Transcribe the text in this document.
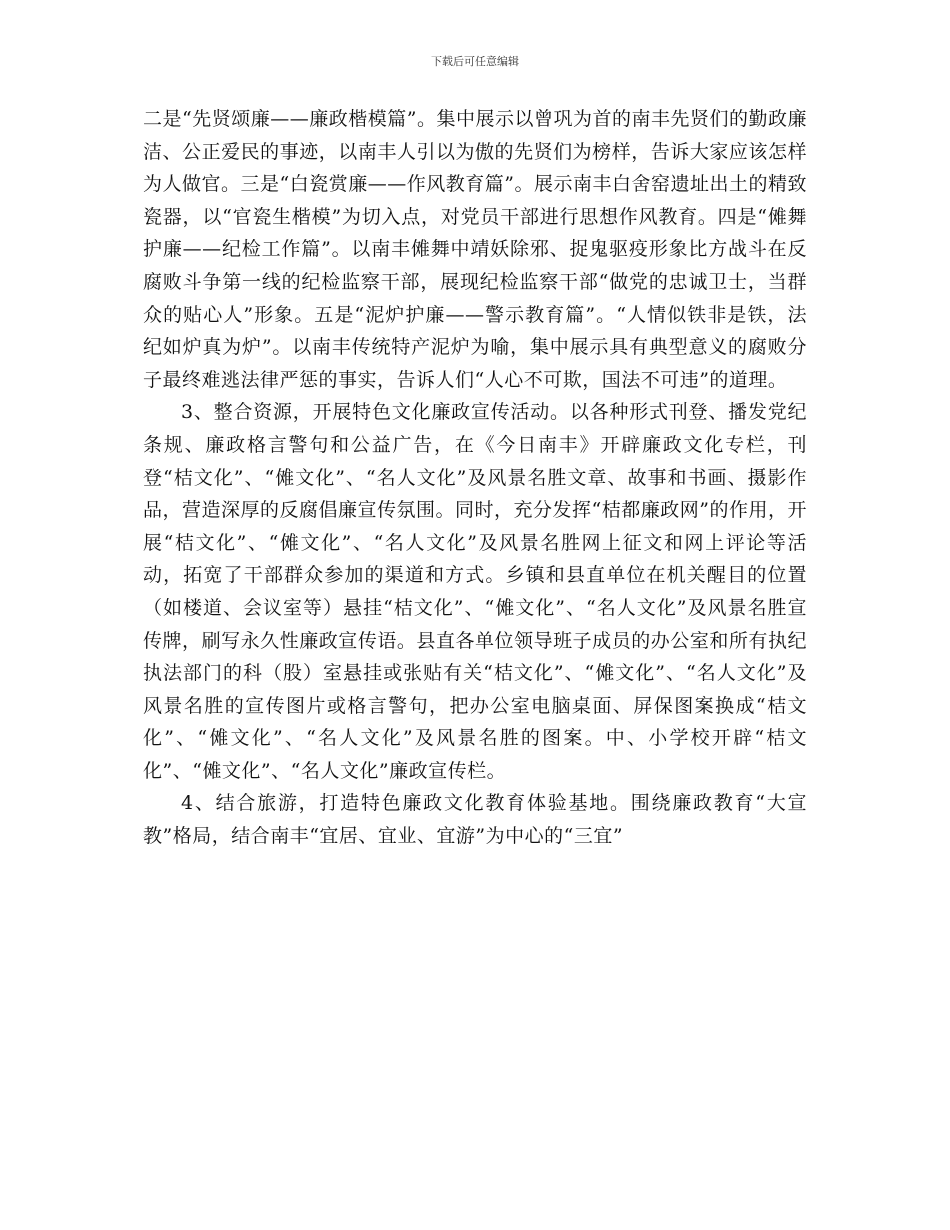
下载后可任意编辑

二是“先贤颂廉——廉政楷模篇”。集中展示以曾巩为首的南丰先贤们的勤政廉洁、公正爱民的事迹，以南丰人引以为傲的先贤们为榜样，告诉大家应该怎样为人做官。三是“白瓷赏廉——作风教育篇”。展示南丰白舍窑遗址出土的精致瓷器，以“官瓷生楷模”为切入点，对党员干部进行思想作风教育。四是“傩舞护廉——纪检工作篇”。以南丰傩舞中靖妖除邪、捉鬼驱疫形象比方战斗在反腐败斗争第一线的纪检监察干部，展现纪检监察干部“做党的忠诚卫士，当群众的贴心人”形象。五是“泥炉护廉——警示教育篇”。“人情似铁非是铁，法纪如炉真为炉”。以南丰传统特产泥炉为喻，集中展示具有典型意义的腐败分子最终难逃法律严惩的事实，告诉人们“人心不可欺，国法不可违”的道理。

3、整合资源，开展特色文化廉政宣传活动。以各种形式刊登、播发党纪条规、廉政格言警句和公益广告，在《今日南丰》开辟廉政文化专栏，刊登“桔文化”、“傩文化”、“名人文化”及风景名胜文章、故事和书画、摄影作品，营造深厚的反腐倡廉宣传氛围。同时，充分发挥“桔都廉政网”的作用，开展“桔文化”、“傩文化”、“名人文化”及风景名胜网上征文和网上评论等活动，拓宽了干部群众参加的渠道和方式。乡镇和县直单位在机关醒目的位置（如楼道、会议室等）悬挂“桔文化”、“傩文化”、“名人文化”及风景名胜宣传牌，刷写永久性廉政宣传语。县直各单位领导班子成员的办公室和所有执纪执法部门的科（股）室悬挂或张贴有关“桔文化”、“傩文化”、“名人文化”及风景名胜的宣传图片或格言警句，把办公室电脑桌面、屏保图案换成“桔文化”、“傩文化”、“名人文化”及风景名胜的图案。中、小学校开辟“桔文化”、“傩文化”、“名人文化”廉政宣传栏。

4、结合旅游，打造特色廉政文化教育体验基地。围绕廉政教育“大宣教”格局，结合南丰“宜居、宜业、宜游”为中心的“三宜”
